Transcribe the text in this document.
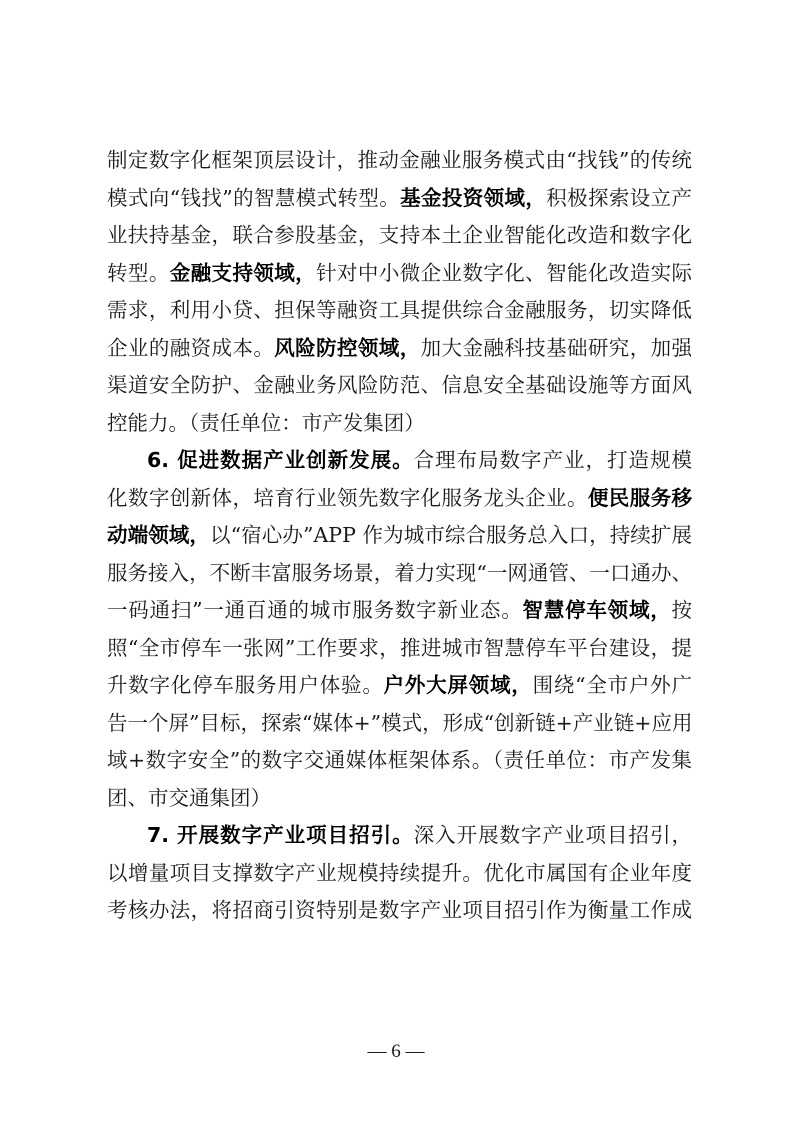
制定数字化框架顶层设计，推动金融业服务模式由“找钱”的传统
模式向“钱找”的智慧模式转型。基金投资领域，积极探索设立产
业扶持基金，联合参股基金，支持本土企业智能化改造和数字化
转型。金融支持领域，针对中小微企业数字化、智能化改造实际
需求，利用小贷、担保等融资工具提供综合金融服务，切实降低
企业的融资成本。风险防控领域，加大金融科技基础研究，加强
渠道安全防护、金融业务风险防范、信息安全基础设施等方面风
控能力。（责任单位：市产发集团）
6. 促进数据产业创新发展。合理布局数字产业，打造规模
化数字创新体，培育行业领先数字化服务龙头企业。便民服务移
动端领域，以“宿心办”APP 作为城市综合服务总入口，持续扩展
服务接入，不断丰富服务场景，着力实现“一网通管、一口通办、
一码通扫”一通百通的城市服务数字新业态。智慧停车领域，按
照“全市停车一张网”工作要求，推进城市智慧停车平台建设，提
升数字化停车服务用户体验。户外大屏领域，围绕“全市户外广
告一个屏”目标，探索“媒体+”模式，形成“创新链+产业链+应用
域+数字安全”的数字交通媒体框架体系。（责任单位：市产发集
团、市交通集团）
7. 开展数字产业项目招引。深入开展数字产业项目招引，
以增量项目支撑数字产业规模持续提升。优化市属国有企业年度
考核办法，将招商引资特别是数字产业项目招引作为衡量工作成
— 6 —
